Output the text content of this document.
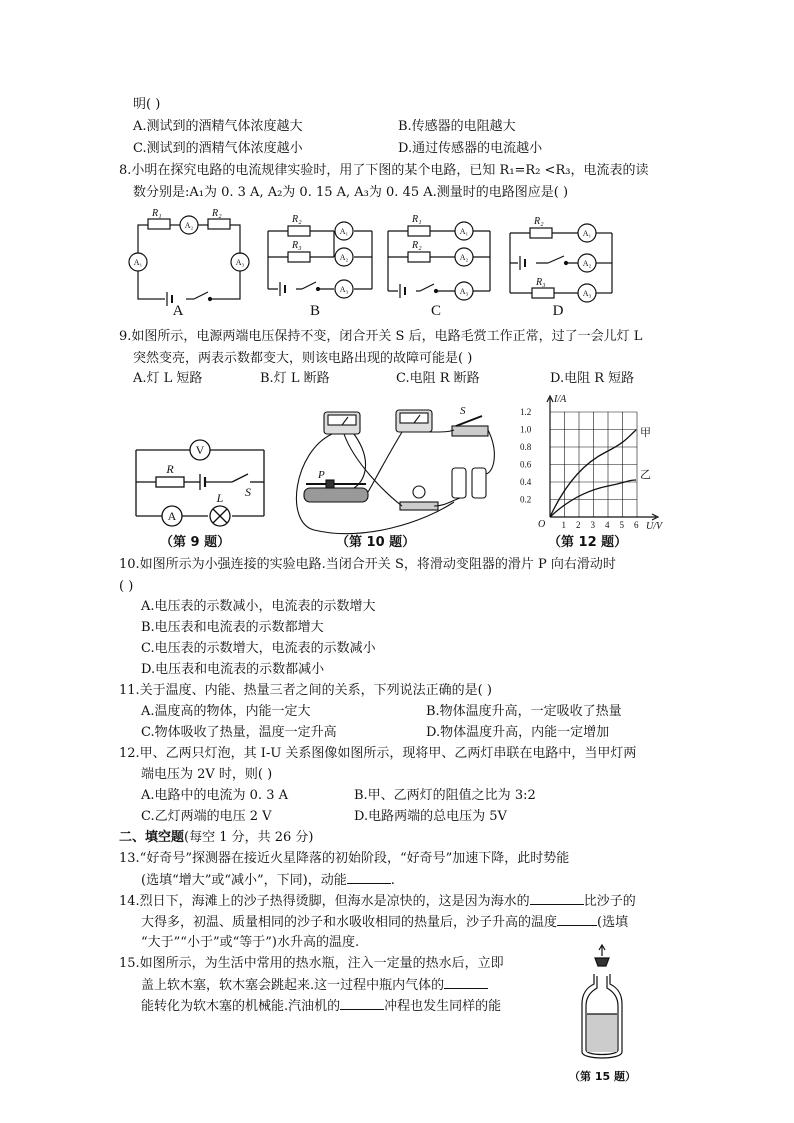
明( )
A.测试到的酒精气体浓度越大	B.传感器的电阻越大
C.测试到的酒精气体浓度越小	D.通过传感器的电流越小
8.小明在探究电路的电流规律实验时，用了下图的某个电路，已知 R₁=R₂ <R₃，电流表的读
数分别是:A₁为 0. 3 A, A₂为 0. 15 A, A₃为 0. 45 A.测量时的电路图应是( )
R₁	R₂
A₂
A₁	A₃
A
R₂
R₃
A₁
A₂
A₃
B
R₁
R₂
A₁
A₂
A₃
C
R₂
R₃
A₁
A₂
A₃
D
9.如图所示，电源两端电压保持不变，闭合开关 S 后，电路毛赏工作正常，过了一会儿灯 L
突然变亮，两表示数都变大，则该电路出现的故障可能是( )
A.灯 L 短路	B.灯 L 断路	C.电阻 R 断路	D.电阻 R 短路
V
R
S
L
A
P
S
I/A
U/V
O
甲
乙
1 2 3 4 5 6
1.2
1.0
0.8
0.6
0.4
0.2
（第 9 题）	（第 10 题）	（第 12 题）
10.如图所示为小强连接的实验电路.当闭合开关 S，将滑动变阻器的滑片 P 向右滑动时
( )
A.电压表的示数减小，电流表的示数增大
B.电压表和电流表的示数都增大
C.电压表的示数增大，电流表的示数减小
D.电压表和电流表的示数都减小
11.关于温度、内能、热量三者之间的关系，下列说法正确的是( )
A.温度高的物体，内能一定大	B.物体温度升高，一定吸收了热量
C.物体吸收了热量，温度一定升高	D.物体温度升高，内能一定增加
12.甲、乙两只灯泡，其 I-U 关系图像如图所示，现将甲、乙两灯串联在电路中，当甲灯两
端电压为 2V 时，则( )
A.电路中的电流为 0. 3 A	B.甲、乙两灯的阻值之比为 3:2
C.乙灯两端的电压 2 V	D.电路两端的总电压为 5V
二、填空题(每空 1 分，共 26 分)
13.“好奇号”探测器在接近火星降落的初始阶段，“好奇号”加速下降，此时势能
(选填“增大”或“减小”，下同)，动能	.
14.烈日下，海滩上的沙子热得烫脚，但海水是凉快的，这是因为海水的	比沙子的
大得多，初温、质量相同的沙子和水吸收相同的热量后，沙子升高的温度	(选填
“大于”“小于”或“等于”)水升高的温度.
15.如图所示，为生活中常用的热水瓶，注入一定量的热水后，立即
盖上软木塞，软木塞会跳起来.这一过程中瓶内气体的
能转化为软木塞的机械能.汽油机的	冲程也发生同样的能
（第 15 题）
